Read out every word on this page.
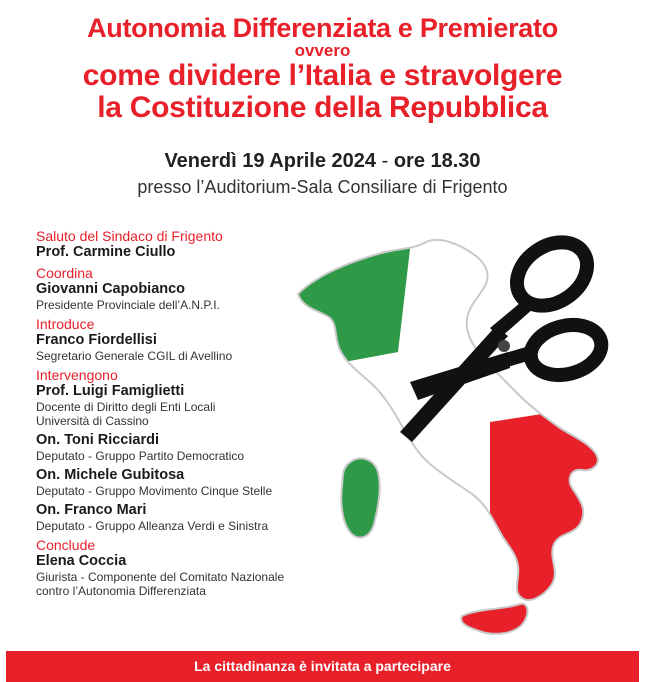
Autonomia Differenziata e Premierato
ovvero
come dividere l’Italia e stravolgere
la Costituzione della Repubblica
Venerdì 19 Aprile 2024 - ore 18.30
presso l’Auditorium-Sala Consiliare di Frigento
Saluto del Sindaco di Frigento
Prof. Carmine Ciullo
Coordina
Giovanni Capobianco
Presidente Provinciale dell’A.N.P.I.
Introduce
Franco Fiordellisi
Segretario Generale CGIL di Avellino
Intervengono
Prof. Luigi Famiglietti
Docente di Diritto degli Enti Locali
Università di Cassino
On. Toni Ricciardi
Deputato - Gruppo Partito Democratico
On. Michele Gubitosa
Deputato - Gruppo Movimento Cinque Stelle
On. Franco Mari
Deputato - Gruppo Alleanza Verdi e Sinistra
Conclude
Elena Coccia
Giurista - Componente del Comitato Nazionale
contro l’Autonomia Differenziata
La cittadinanza è invitata a partecipare
